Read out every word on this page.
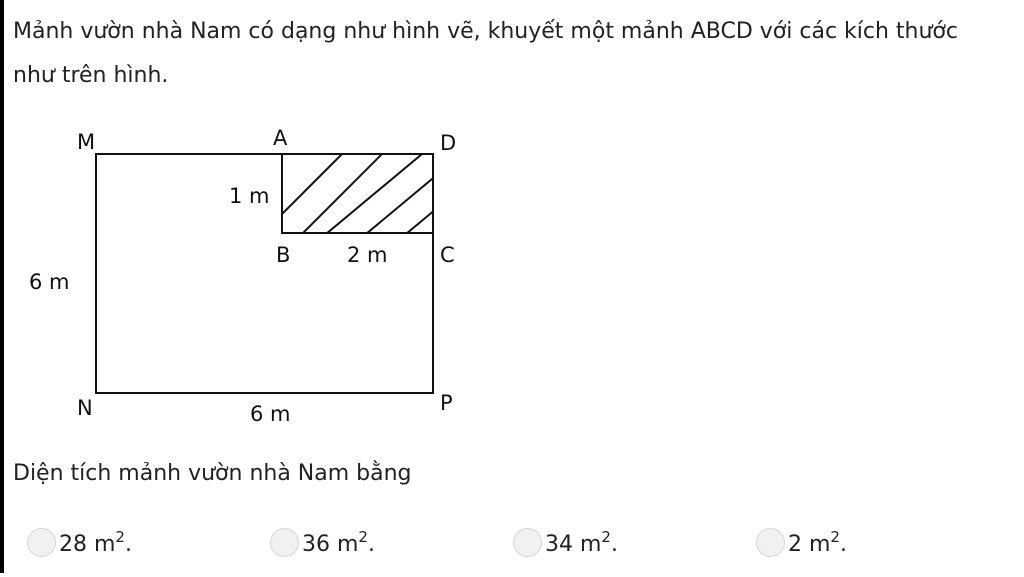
Mảnh vườn nhà Nam có dạng như hình vẽ, khuyết một mảnh ABCD với các kích thước
như trên hình.
M	A	D
B	C
N	P
1 m
2 m
6 m
6 m
Diện tích mảnh vườn nhà Nam bằng
28 $m^2$.	36 $m^2$.	34 $m^2$.	2 $m^2$.
